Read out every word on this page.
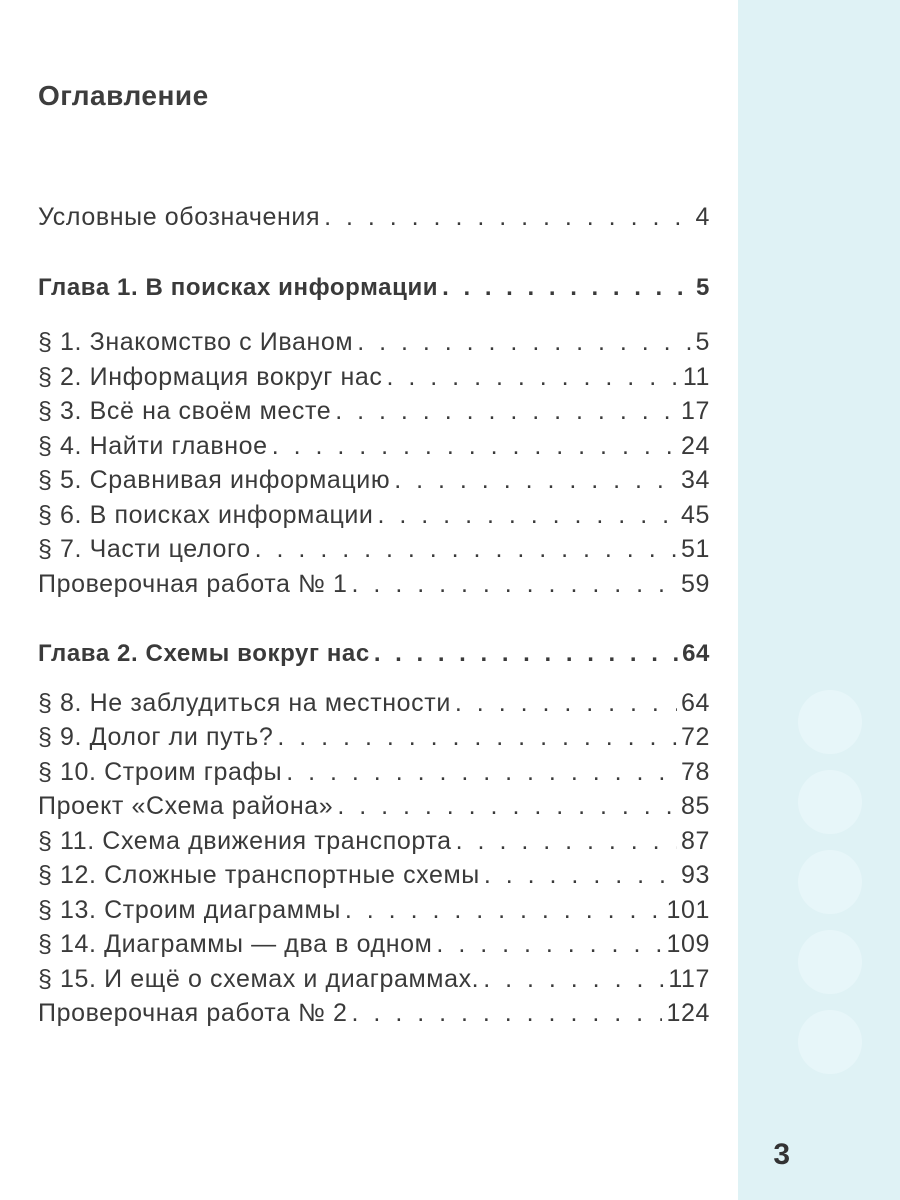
Оглавление
Условные обозначения . . .	4
Глава 1. В поисках информации . . .	5
§ 1. Знакомство с Иваном . . .	5
§ 2. Информация вокруг нас . . .	11
§ 3. Всё на своём месте . . .	17
§ 4. Найти главное . . .	24
§ 5. Сравнивая информацию . . .	34
§ 6. В поисках информации . . .	45
§ 7. Части целого . . .	51
Проверочная работа № 1 . . .	59
Глава 2. Схемы вокруг нас . . .	64
§ 8. Не заблудиться на местности . . .	64
§ 9. Долог ли путь? . . .	72
§ 10. Строим графы . . .	78
Проект «Схема района» . . .	85
§ 11. Схема движения транспорта . . .	87
§ 12. Сложные транспортные схемы . . .	93
§ 13. Строим диаграммы . . .	101
§ 14. Диаграммы — два в одном . . .	109
§ 15. И ещё о схемах и диаграммах. . . .	117
Проверочная работа № 2 . . .	124
3
